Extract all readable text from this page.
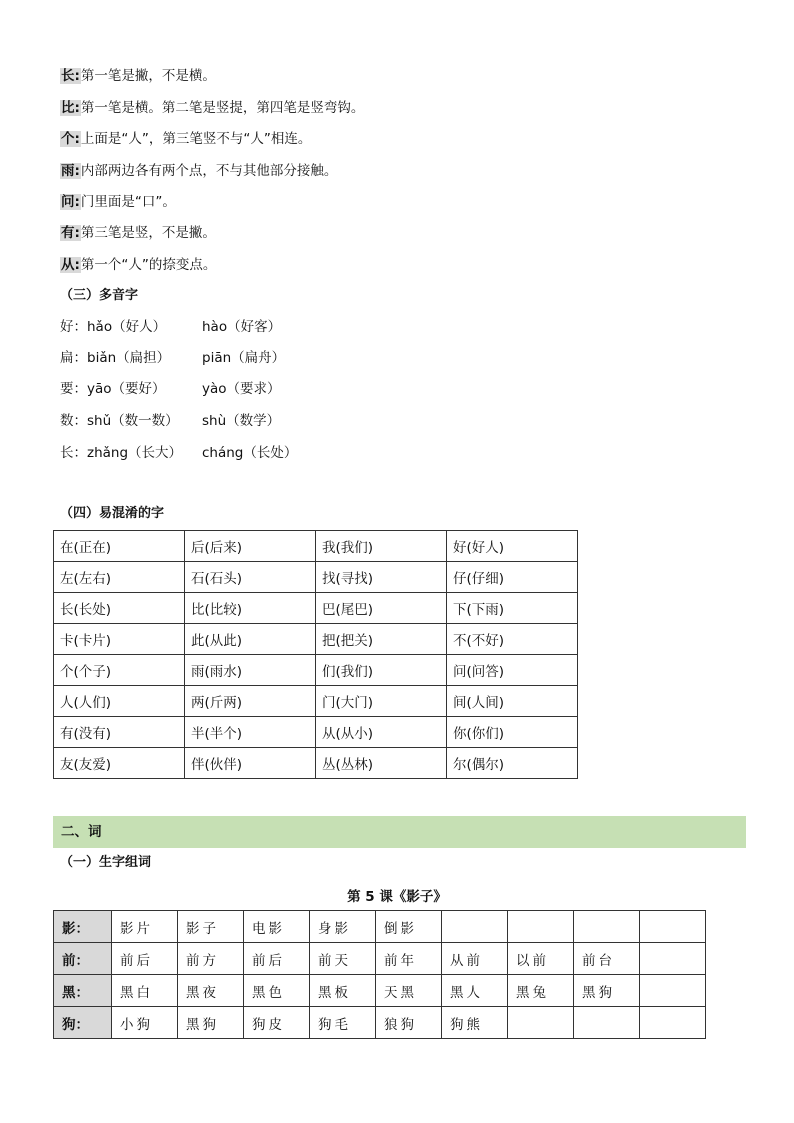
长:第一笔是撇，不是横。
比:第一笔是横。第二笔是竖提，第四笔是竖弯钩。
个:上面是“人”，第三笔竖不与“人”相连。
雨:内部两边各有两个点，不与其他部分接触。
问:门里面是“口”。
有:第三笔是竖，不是撇。
从:第一个“人”的捺变点。
（三）多音字
好：hǎo（好人）	hào（好客）
扁：biǎn（扁担） piān（扁舟）
要：yāo（要好）	yào（要求）
数：shǔ（数一数） shù（数学）
长：zhǎng（长大） cháng（长处）
（四）易混淆的字
在(正在)	后(后来)	我(我们)	好(好人)
左(左右)	石(石头)	找(寻找)	仔(仔细)
长(长处)	比(比较)	巴(尾巴)	下(下雨)
卡(卡片)	此(从此)	把(把关)	不(不好)
个(个子)	雨(雨水)	们(我们)	问(问答)
人(人们)	两(斤两)	门(大门)	间(人间)
有(没有)	半(半个)	从(从小)	你(你们)
友(友爱)	伴(伙伴)	丛(丛林)	尔(偶尔)
二、词
（一）生字组词
第 5 课《影子》
影：	影片	影子	电影	身影	倒影				
前：	前后	前方	前后	前天	前年	从前	以前	前台	
黑：	黑白	黑夜	黑色	黑板	天黑	黑人	黑兔	黑狗	
狗：	小狗	黑狗	狗皮	狗毛	狼狗	狗熊			
